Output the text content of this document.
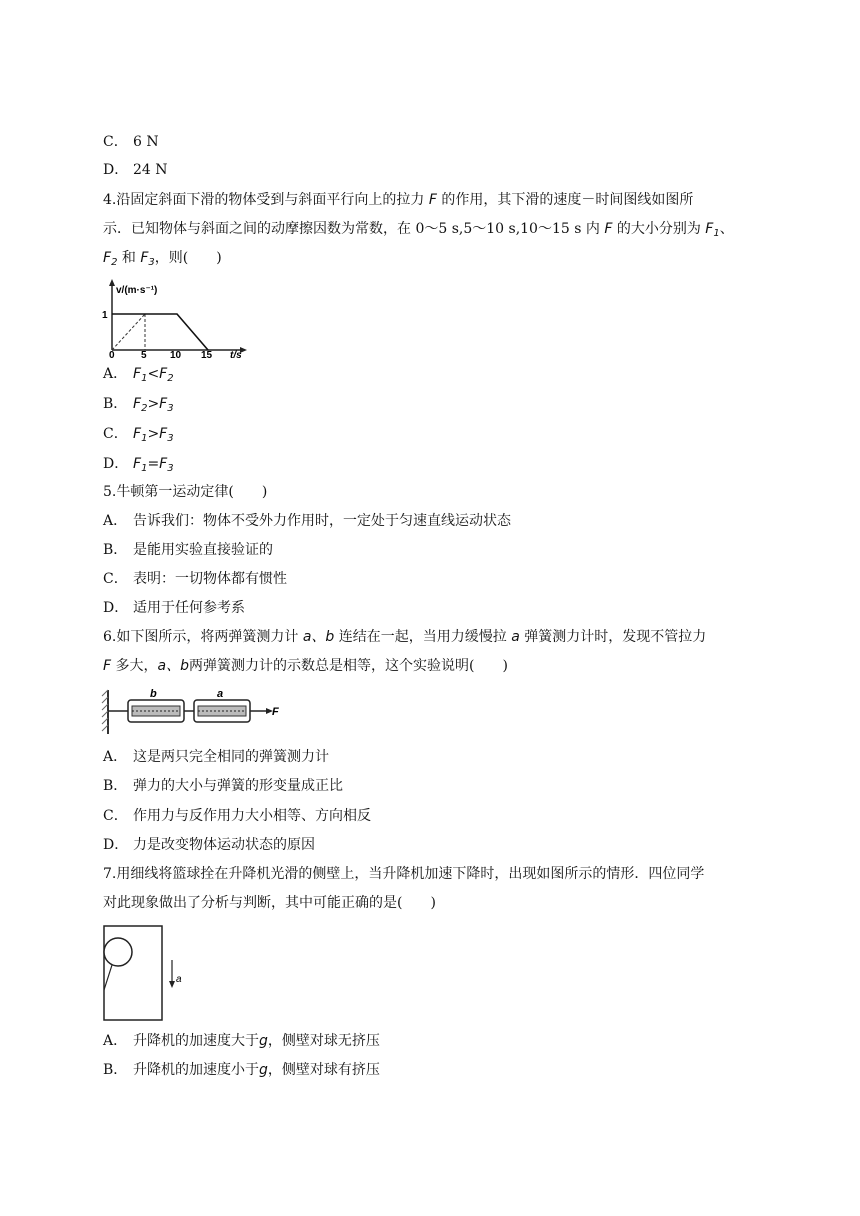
C． 6 N
D． 24 N
4.沿固定斜面下滑的物体受到与斜面平行向上的拉力 F 的作用，其下滑的速度－时间图线如图所
示．已知物体与斜面之间的动摩擦因数为常数，在 0～5 s,5～10 s,10～15 s 内 F 的大小分别为 $F_1$、
$F_2$ 和 $F_3$，则(　　)
v/(m·s⁻¹)
1
0	5 10 15 t/s
A． $F_1<F_2$
B． $F_2>F_3$
C． $F_1>F_3$
D． $F_1=F_3$
5.牛顿第一运动定律(　　)
A． 告诉我们：物体不受外力作用时，一定处于匀速直线运动状态
B． 是能用实验直接验证的
C． 表明：一切物体都有惯性
D． 适用于任何参考系
6.如下图所示，将两弹簧测力计 a、b 连结在一起，当用力缓慢拉 a 弹簧测力计时，发现不管拉力
F 多大，a、b两弹簧测力计的示数总是相等，这个实验说明(　　)
b	a
F
A． 这是两只完全相同的弹簧测力计
B． 弹力的大小与弹簧的形变量成正比
C． 作用力与反作用力大小相等、方向相反
D． 力是改变物体运动状态的原因
7.用细线将篮球拴在升降机光滑的侧壁上，当升降机加速下降时，出现如图所示的情形．四位同学
对此现象做出了分析与判断，其中可能正确的是(　　)
a
A． 升降机的加速度大于g，侧壁对球无挤压
B． 升降机的加速度小于g，侧壁对球有挤压
